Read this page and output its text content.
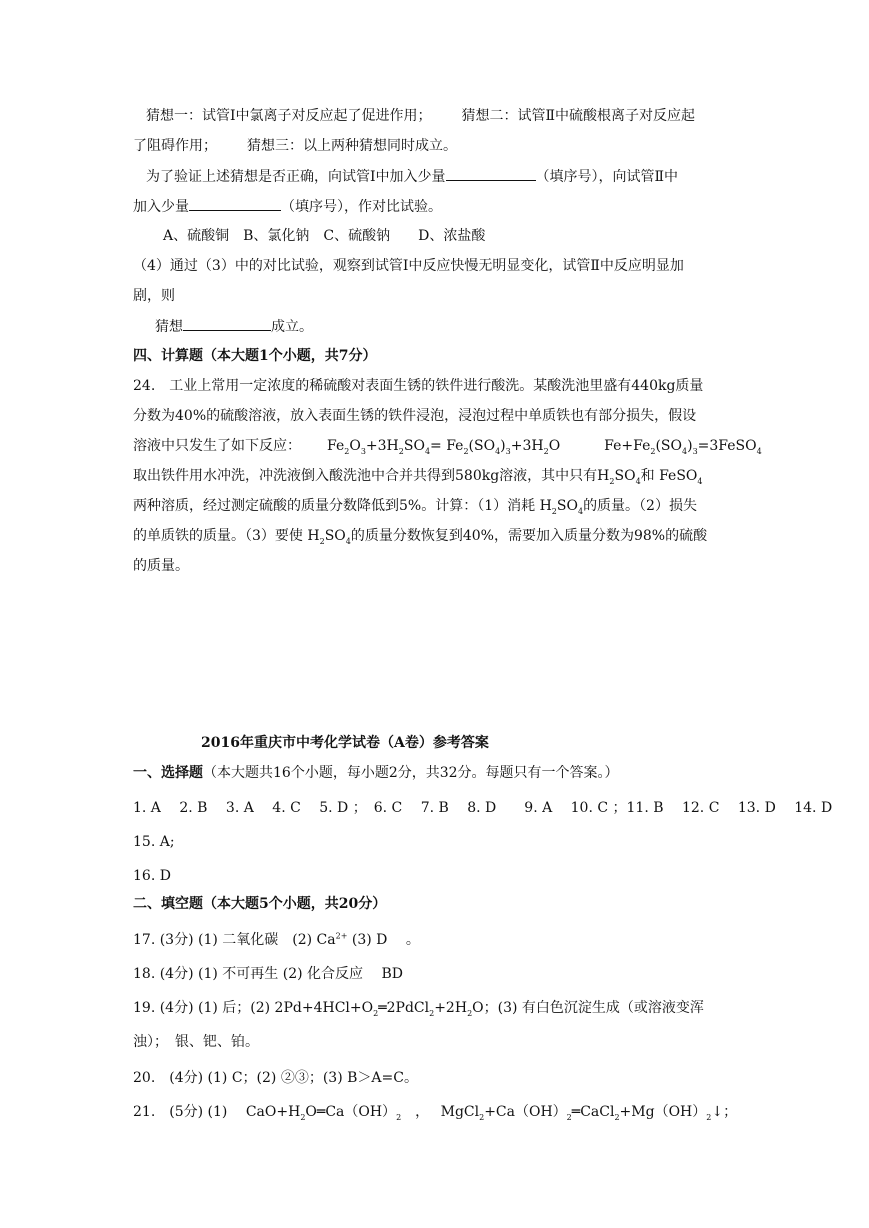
猜想一：试管Ⅰ中氯离子对反应起了促进作用； 猜想二：试管Ⅱ中硫酸根离子对反应起
了阻碍作用； 猜想三：以上两种猜想同时成立。
为了验证上述猜想是否正确，向试管Ⅰ中加入少量	（填序号），向试管Ⅱ中
加入少量	（填序号），作对比试验。
A、硫酸铜　B、氯化钠　C、硫酸钠　　D、浓盐酸
（4）通过（3）中的对比试验，观察到试管Ⅰ中反应快慢无明显变化，试管Ⅱ中反应明显加
剧，则
猜想	成立。
四、计算题（本大题1个小题，共7分）
24.　工业上常用一定浓度的稀硫酸对表面生锈的铁件进行酸洗。某酸洗池里盛有440kg质量
分数为40%的硫酸溶液，放入表面生锈的铁件浸泡，浸泡过程中单质铁也有部分损失，假设
溶液中只发生了如下反应： $Fe_2O_3+3H_2SO_4= Fe_2(SO_4)_3+3H_2O$	$Fe+Fe_2(SO_4)_3=3FeSO_4$
取出铁件用水冲洗，冲洗液倒入酸洗池中合并共得到580kg溶液，其中只有$H_2SO_4$和 FeSO$_4$
两种溶质，经过测定硫酸的质量分数降低到5%。计算：（1）消耗 $H_2SO_4$的质量。（2）损失
的单质铁的质量。（3）要使 $H_2SO_4$的质量分数恢复到40%，需要加入质量分数为98%的硫酸
的质量。
2016年重庆市中考化学试卷（A卷）参考答案
一、选择题（本大题共16个小题，每小题2分，共32分。每题只有一个答案。）
1. A　 2. B　 3. A　 4. C　 5. D ；　6. C　 7. B　 8. D　　9. A　 10. C ；11. B　 12. C　 13. D　 14. D
15. A;
16. D
二、填空题（本大题5个小题，共20分）
17. (3分) (1) 二氧化碳　(2) $Ca^{2+}$ (3) D　 。
18. (4分) (1) 不可再生 (2) 化合反应　 BD
19. (4分) (1) 后；(2) $2Pd+4HCl+O_2═2PdCl_2+2H_2O$；(3) 有白色沉淀生成（或溶液变浑
浊）；　银、钯、铂。
20.　(4分) (1) C；(2) ②③；(3) B＞A=C。
21.　(5分) (1)　 $CaO+H_2O═Ca(OH)_2$　，　 $MgCl_2+Ca(OH)_2═CaCl_2+Mg(OH)_2↓$；
